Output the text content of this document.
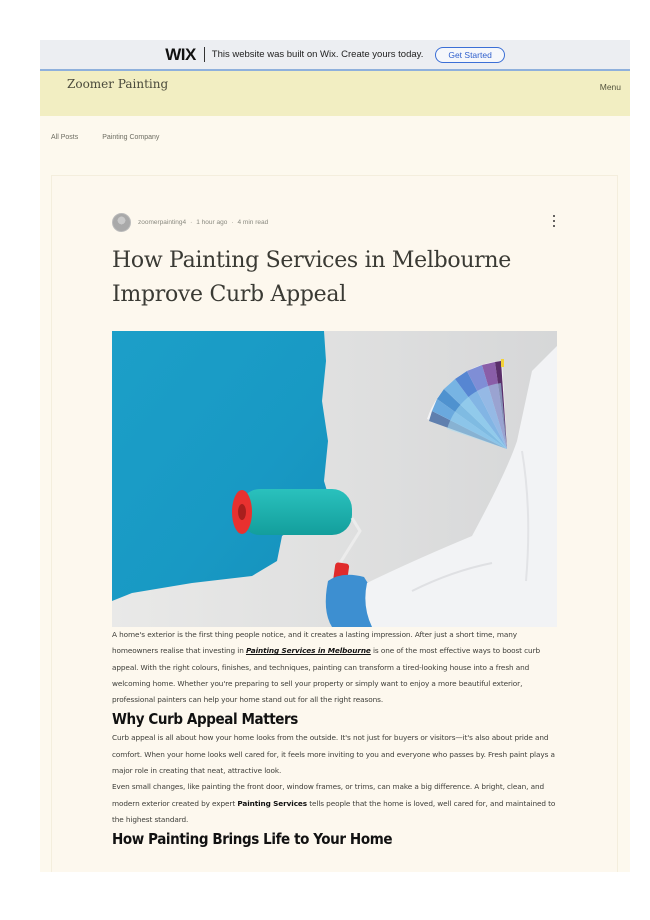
WIX This website was built on Wix. Create yours today.	Get Started
Zoomer Painting	Menu
All Posts	Painting Company
zoomerpainting4 · 1 hour ago · 4 min read
How Painting Services in Melbourne Improve Curb Appeal

A home's exterior is the first thing people notice, and it creates a lasting impression. After just a short time, many homeowners realise that investing in Painting Services in Melbourne is one of the most effective ways to boost curb appeal. With the right colours, finishes, and techniques, painting can transform a tired-looking house into a fresh and welcoming home. Whether you're preparing to sell your property or simply want to enjoy a more beautiful exterior, professional painters can help your home stand out for all the right reasons.

Why Curb Appeal Matters

Curb appeal is all about how your home looks from the outside. It's not just for buyers or visitors—it's also about pride and comfort. When your home looks well cared for, it feels more inviting to you and everyone who passes by. Fresh paint plays a major role in creating that neat, attractive look.

Even small changes, like painting the front door, window frames, or trims, can make a big difference. A bright, clean, and modern exterior created by expert Painting Services tells people that the home is loved, well cared for, and maintained to the highest standard.

How Painting Brings Life to Your Home
